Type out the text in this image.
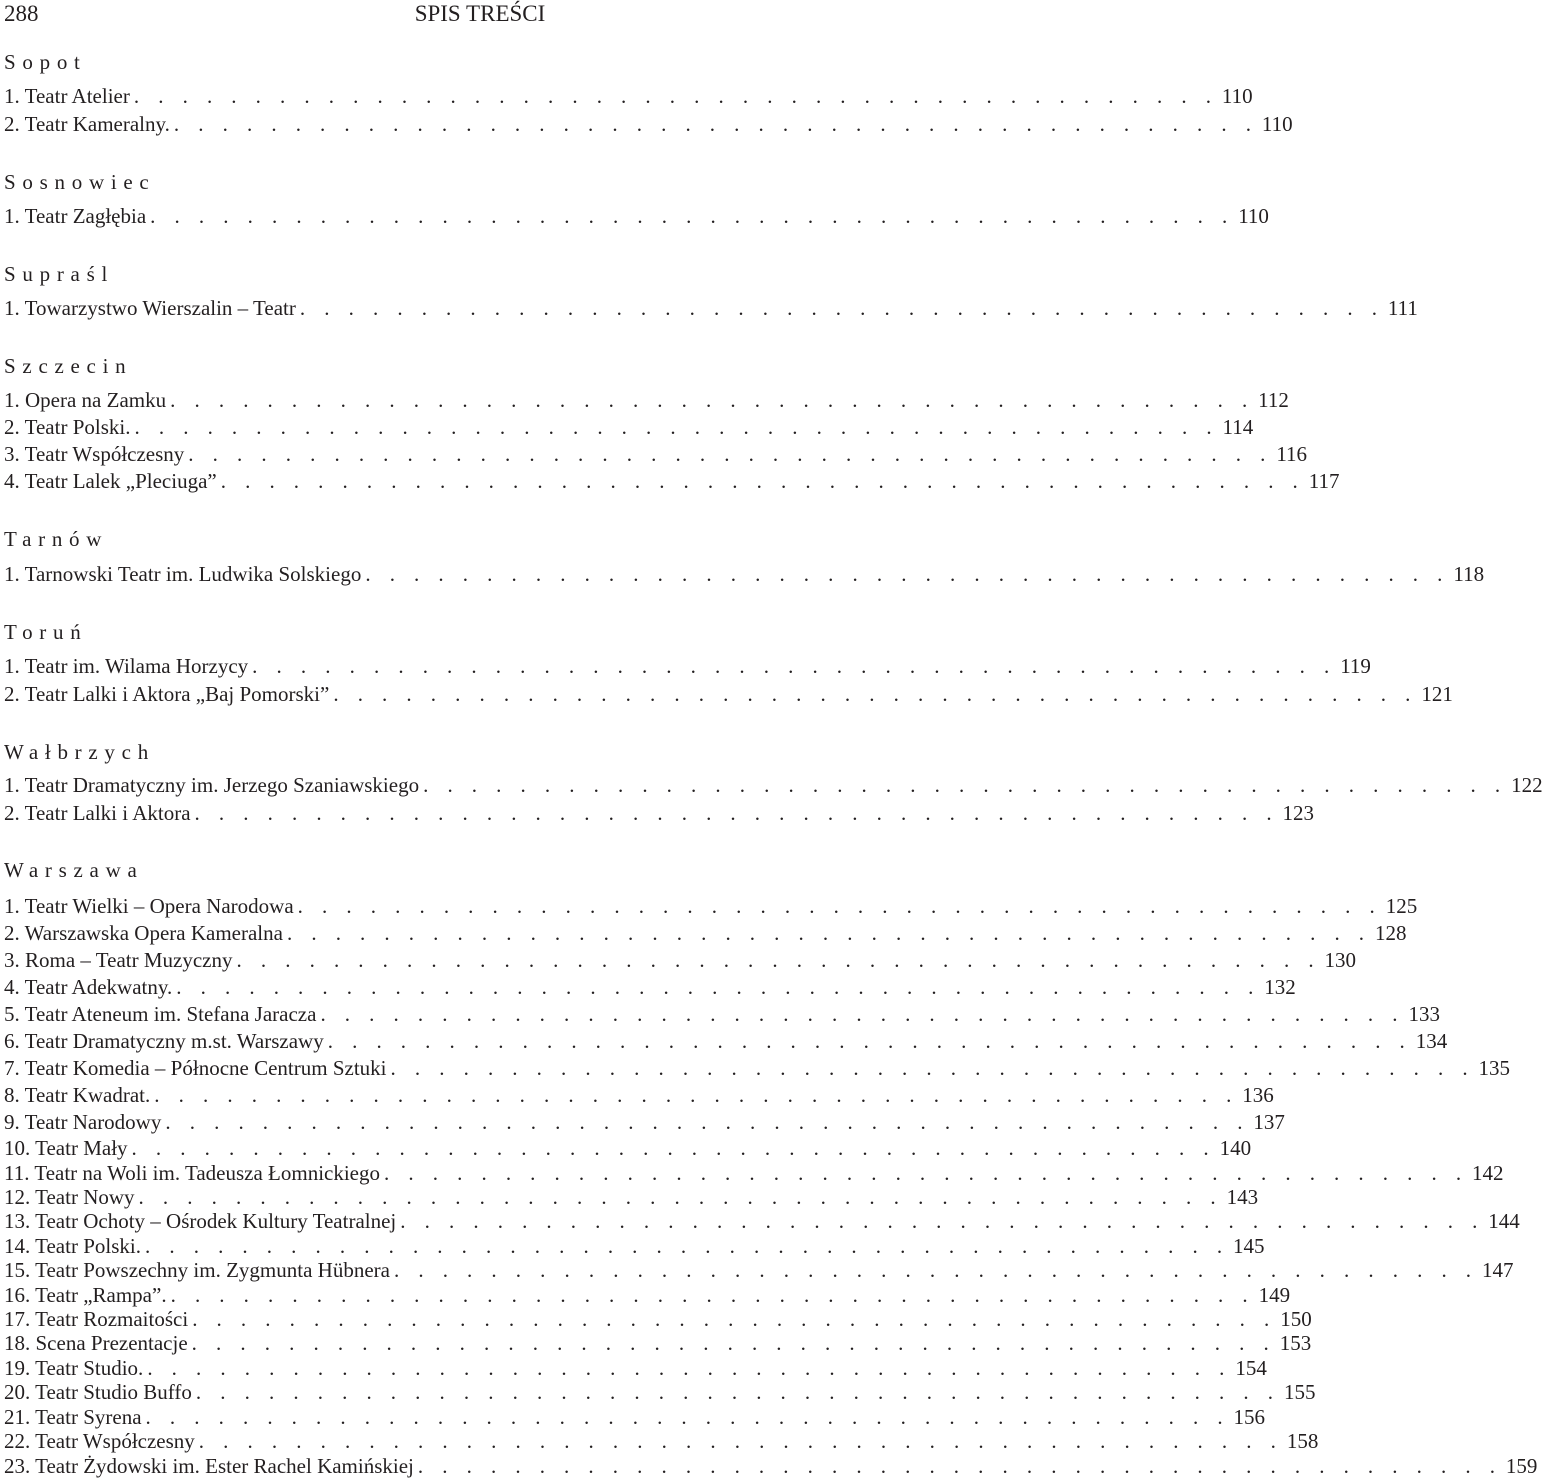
288	SPIS TREŚCI
Sopot
1. Teatr Atelier . . . . . . . . . . . . . . . . . . . . . . . . . . . . . . . . . . . . . . . . . . . . . 110
2. Teatr Kameralny. . . . . . . . . . . . . . . . . . . . . . . . . . . . . . . . . . . . . . . . . . . . . . 110
Sosnowiec
1. Teatr Zagłębia . . . . . . . . . . . . . . . . . . . . . . . . . . . . . . . . . . . . . . . . . . . . . 110
Supraśl
1. Towarzystwo Wierszalin – Teatr . . . . . . . . . . . . . . . . . . . . . . . . . . . . . . . . . . . . . . . . . . . . . 111
Szczecin
1. Opera na Zamku . . . . . . . . . . . . . . . . . . . . . . . . . . . . . . . . . . . . . . . . . . . . . 112
2. Teatr Polski. . . . . . . . . . . . . . . . . . . . . . . . . . . . . . . . . . . . . . . . . . . . . . 114
3. Teatr Współczesny . . . . . . . . . . . . . . . . . . . . . . . . . . . . . . . . . . . . . . . . . . . . . 116
4. Teatr Lalek „Pleciuga” . . . . . . . . . . . . . . . . . . . . . . . . . . . . . . . . . . . . . . . . . . . . . 117
Tarnów
1. Tarnowski Teatr im. Ludwika Solskiego . . . . . . . . . . . . . . . . . . . . . . . . . . . . . . . . . . . . . . . . . . . . . 118
Toruń
1. Teatr im. Wilama Horzycy . . . . . . . . . . . . . . . . . . . . . . . . . . . . . . . . . . . . . . . . . . . . . 119
2. Teatr Lalki i Aktora „Baj Pomorski” . . . . . . . . . . . . . . . . . . . . . . . . . . . . . . . . . . . . . . . . . . . . . 121
Wałbrzych
1. Teatr Dramatyczny im. Jerzego Szaniawskiego . . . . . . . . . . . . . . . . . . . . . . . . . . . . . . . . . . . . . . . . . . . . . 122
2. Teatr Lalki i Aktora . . . . . . . . . . . . . . . . . . . . . . . . . . . . . . . . . . . . . . . . . . . . . 123
Warszawa
1. Teatr Wielki – Opera Narodowa . . . . . . . . . . . . . . . . . . . . . . . . . . . . . . . . . . . . . . . . . . . . . 125
2. Warszawska Opera Kameralna . . . . . . . . . . . . . . . . . . . . . . . . . . . . . . . . . . . . . . . . . . . . . 128
3. Roma – Teatr Muzyczny . . . . . . . . . . . . . . . . . . . . . . . . . . . . . . . . . . . . . . . . . . . . . 130
4. Teatr Adekwatny. . . . . . . . . . . . . . . . . . . . . . . . . . . . . . . . . . . . . . . . . . . . . . 132
5. Teatr Ateneum im. Stefana Jaracza . . . . . . . . . . . . . . . . . . . . . . . . . . . . . . . . . . . . . . . . . . . . . 133
6. Teatr Dramatyczny m.st. Warszawy . . . . . . . . . . . . . . . . . . . . . . . . . . . . . . . . . . . . . . . . . . . . . 134
7. Teatr Komedia – Północne Centrum Sztuki . . . . . . . . . . . . . . . . . . . . . . . . . . . . . . . . . . . . . . . . . . . . . 135
8. Teatr Kwadrat. . . . . . . . . . . . . . . . . . . . . . . . . . . . . . . . . . . . . . . . . . . . . . 136
9. Teatr Narodowy . . . . . . . . . . . . . . . . . . . . . . . . . . . . . . . . . . . . . . . . . . . . . 137
10. Teatr Mały . . . . . . . . . . . . . . . . . . . . . . . . . . . . . . . . . . . . . . . . . . . . . 140
11. Teatr na Woli im. Tadeusza Łomnickiego . . . . . . . . . . . . . . . . . . . . . . . . . . . . . . . . . . . . . . . . . . . . . 142
12. Teatr Nowy . . . . . . . . . . . . . . . . . . . . . . . . . . . . . . . . . . . . . . . . . . . . . 143
13. Teatr Ochoty – Ośrodek Kultury Teatralnej . . . . . . . . . . . . . . . . . . . . . . . . . . . . . . . . . . . . . . . . . . . . . 144
14. Teatr Polski. . . . . . . . . . . . . . . . . . . . . . . . . . . . . . . . . . . . . . . . . . . . . . 145
15. Teatr Powszechny im. Zygmunta Hübnera . . . . . . . . . . . . . . . . . . . . . . . . . . . . . . . . . . . . . . . . . . . . . 147
16. Teatr „Rampa”. . . . . . . . . . . . . . . . . . . . . . . . . . . . . . . . . . . . . . . . . . . . . . 149
17. Teatr Rozmaitości . . . . . . . . . . . . . . . . . . . . . . . . . . . . . . . . . . . . . . . . . . . . . 150
18. Scena Prezentacje . . . . . . . . . . . . . . . . . . . . . . . . . . . . . . . . . . . . . . . . . . . . . 153
19. Teatr Studio. . . . . . . . . . . . . . . . . . . . . . . . . . . . . . . . . . . . . . . . . . . . . . 154
20. Teatr Studio Buffo . . . . . . . . . . . . . . . . . . . . . . . . . . . . . . . . . . . . . . . . . . . . . 155
21. Teatr Syrena . . . . . . . . . . . . . . . . . . . . . . . . . . . . . . . . . . . . . . . . . . . . . 156
22. Teatr Współczesny . . . . . . . . . . . . . . . . . . . . . . . . . . . . . . . . . . . . . . . . . . . . . 158
23. Teatr Żydowski im. Ester Rachel Kamińskiej . . . . . . . . . . . . . . . . . . . . . . . . . . . . . . . . . . . . . . . . . . . . . 159
